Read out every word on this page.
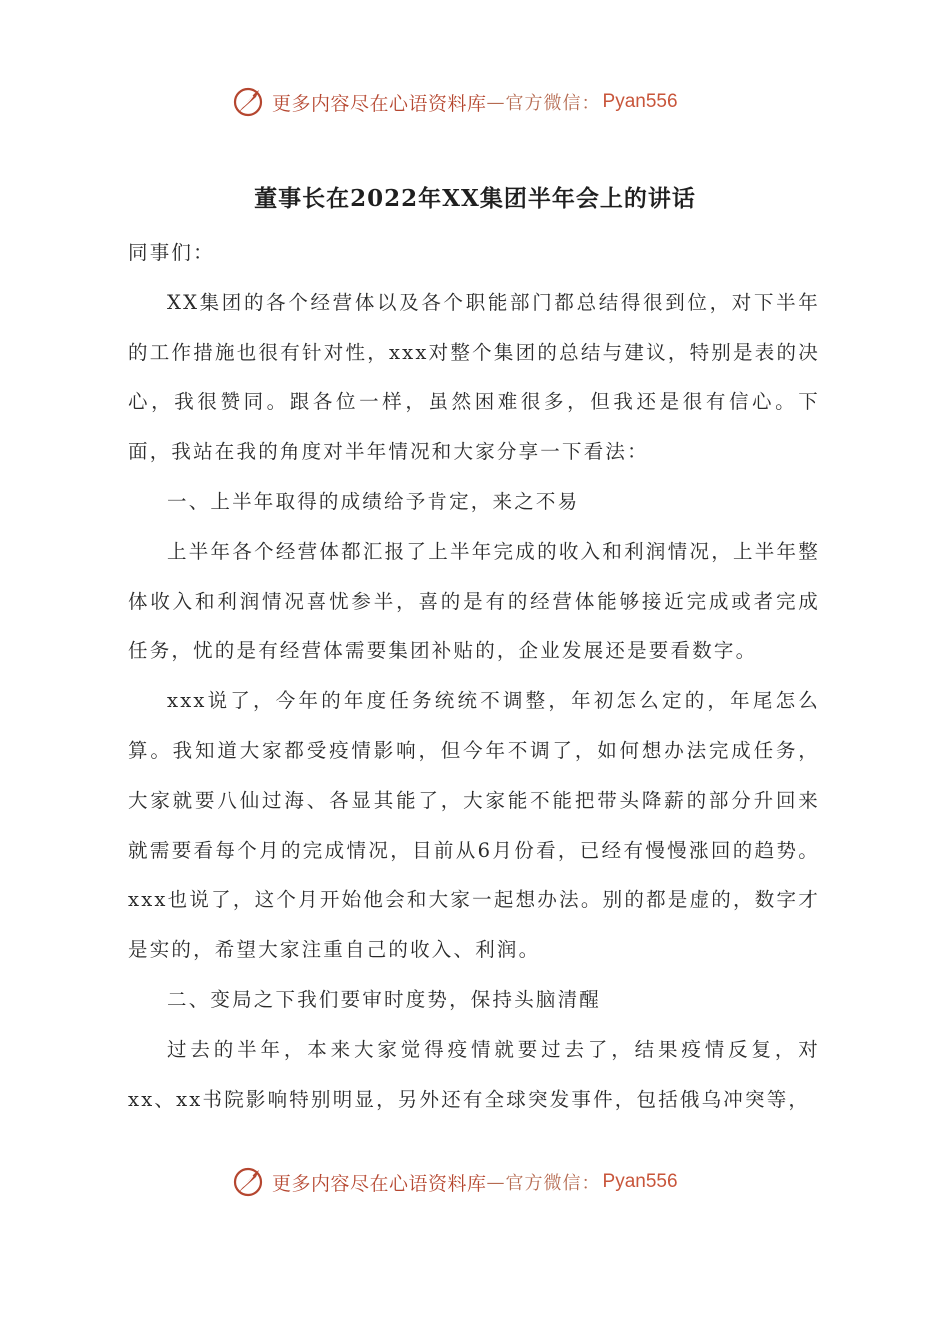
更多内容尽在心语资料库 — 官方微信： Pyan556
董事长在2022年XX集团半年会上的讲话

同事们：

XX集团的各个经营体以及各个职能部门都总结得很到位，对下半年的工作措施也很有针对性，xxx对整个集团的总结与建议，特别是表的决心，我很赞同。跟各位一样，虽然困难很多，但我还是很有信心。下面，我站在我的角度对半年情况和大家分享一下看法：

一、上半年取得的成绩给予肯定，来之不易

上半年各个经营体都汇报了上半年完成的收入和利润情况，上半年整体收入和利润情况喜忧参半，喜的是有的经营体能够接近完成或者完成任务，忧的是有经营体需要集团补贴的，企业发展还是要看数字。

xxx说了，今年的年度任务统统不调整，年初怎么定的，年尾怎么算。我知道大家都受疫情影响，但今年不调了，如何想办法完成任务，大家就要八仙过海、各显其能了，大家能不能把带头降薪的部分升回来就需要看每个月的完成情况，目前从6月份看，已经有慢慢涨回的趋势。xxx也说了，这个月开始他会和大家一起想办法。别的都是虚的，数字才是实的，希望大家注重自己的收入、利润。

二、变局之下我们要审时度势，保持头脑清醒

过去的半年，本来大家觉得疫情就要过去了，结果疫情反复，对xx、xx书院影响特别明显，另外还有全球突发事件，包括俄乌冲突等，

更多内容尽在心语资料库 — 官方微信： Pyan556
